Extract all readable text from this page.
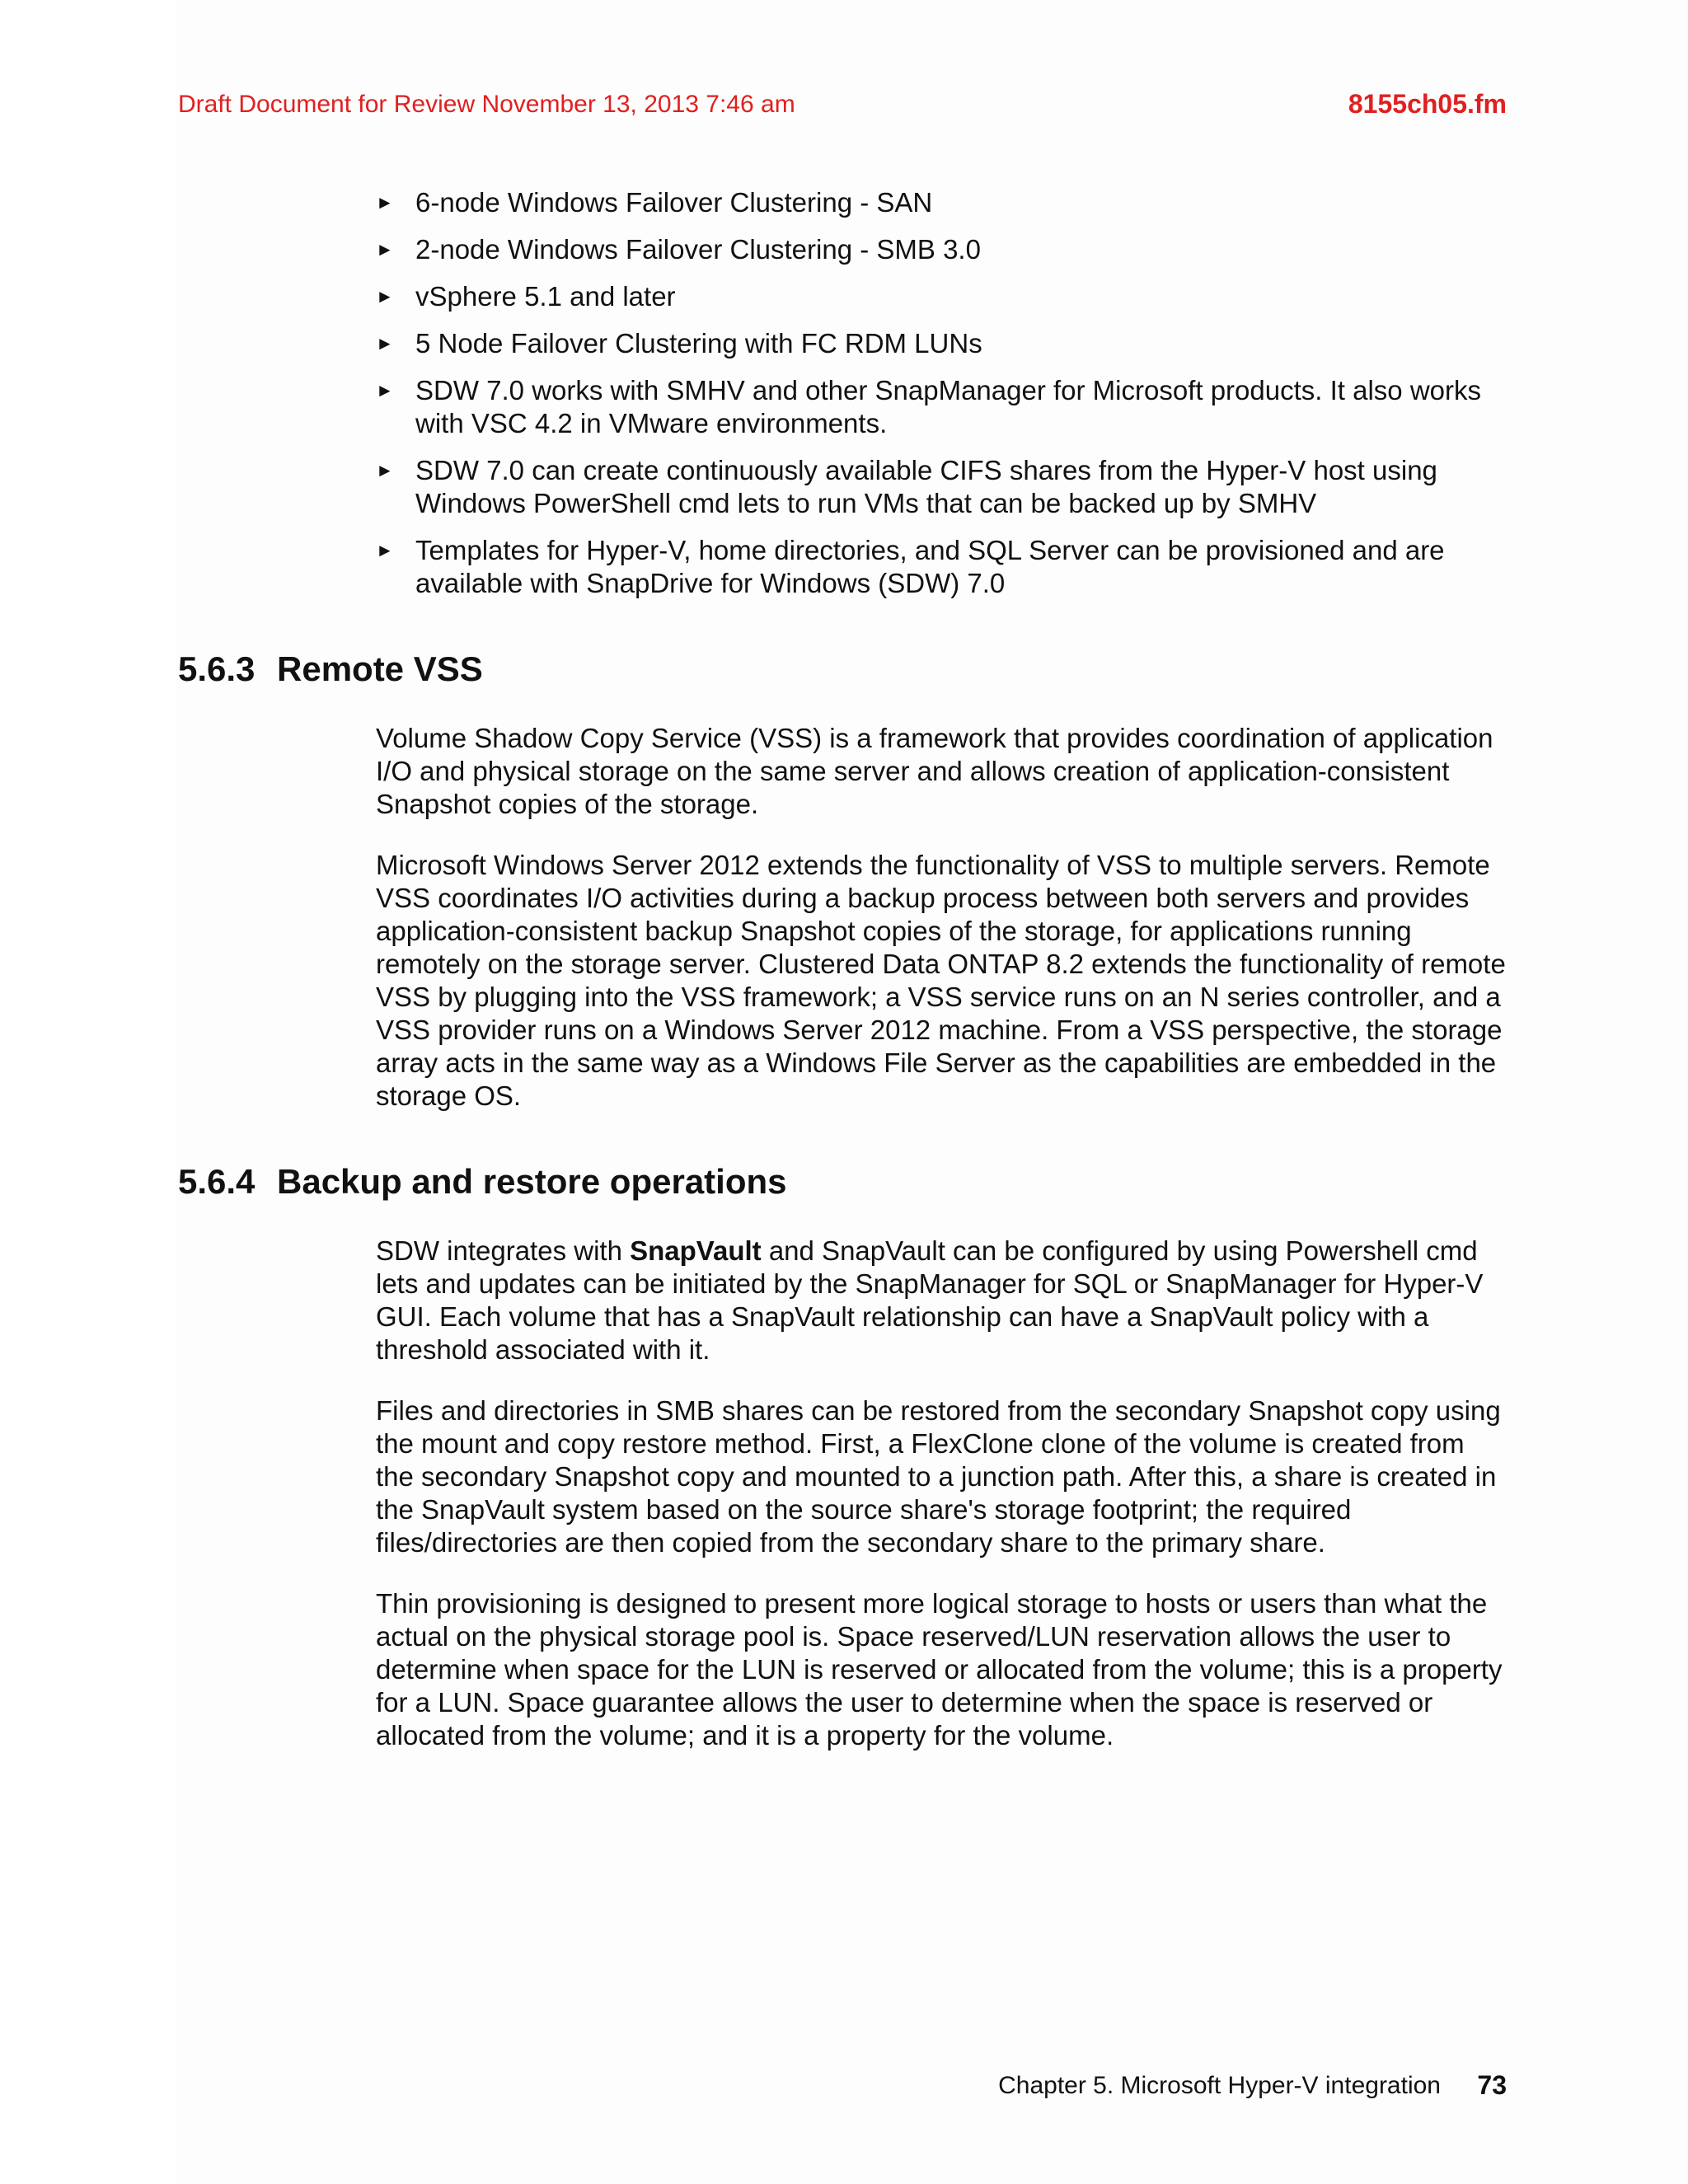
Draft Document for Review November 13, 2013 7:46 am	8155ch05.fm
► 6-node Windows Failover Clustering - SAN
► 2-node Windows Failover Clustering - SMB 3.0
► vSphere 5.1 and later
► 5 Node Failover Clustering with FC RDM LUNs
► SDW 7.0 works with SMHV and other SnapManager for Microsoft products. It also works with VSC 4.2 in VMware environments.
► SDW 7.0 can create continuously available CIFS shares from the Hyper-V host using Windows PowerShell cmd lets to run VMs that can be backed up by SMHV
► Templates for Hyper-V, home directories, and SQL Server can be provisioned and are available with SnapDrive for Windows (SDW) 7.0
5.6.3 Remote VSS

Volume Shadow Copy Service (VSS) is a framework that provides coordination of application I/O and physical storage on the same server and allows creation of application-consistent Snapshot copies of the storage.

Microsoft Windows Server 2012 extends the functionality of VSS to multiple servers. Remote VSS coordinates I/O activities during a backup process between both servers and provides application-consistent backup Snapshot copies of the storage, for applications running remotely on the storage server. Clustered Data ONTAP 8.2 extends the functionality of remote VSS by plugging into the VSS framework; a VSS service runs on an N series controller, and a VSS provider runs on a Windows Server 2012 machine. From a VSS perspective, the storage array acts in the same way as a Windows File Server as the capabilities are embedded in the storage OS.

5.6.4 Backup and restore operations

SDW integrates with SnapVault and SnapVault can be configured by using Powershell cmd lets and updates can be initiated by the SnapManager for SQL or SnapManager for Hyper-V GUI. Each volume that has a SnapVault relationship can have a SnapVault policy with a threshold associated with it.

Files and directories in SMB shares can be restored from the secondary Snapshot copy using the mount and copy restore method. First, a FlexClone clone of the volume is created from the secondary Snapshot copy and mounted to a junction path. After this, a share is created in the SnapVault system based on the source share's storage footprint; the required files/directories are then copied from the secondary share to the primary share.

Thin provisioning is designed to present more logical storage to hosts or users than what the actual on the physical storage pool is. Space reserved/LUN reservation allows the user to determine when space for the LUN is reserved or allocated from the volume; this is a property for a LUN. Space guarantee allows the user to determine when the space is reserved or allocated from the volume; and it is a property for the volume.

Chapter 5. Microsoft Hyper-V integration 73
